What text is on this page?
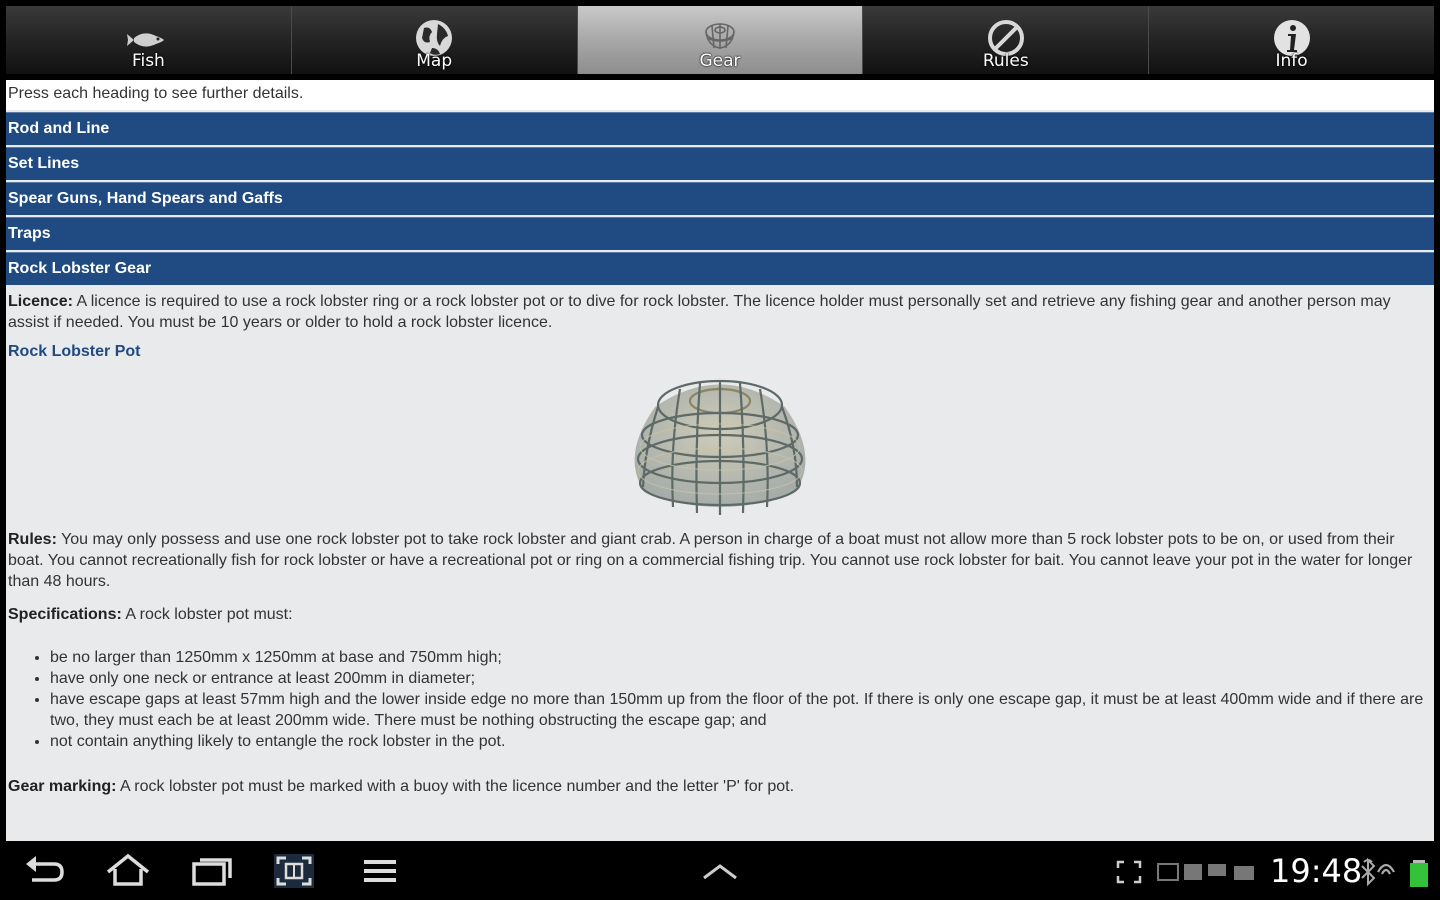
Fish	Map	Gear	Rules	Info
Press each heading to see further details.
Rod and Line
Set Lines
Spear Guns, Hand Spears and Gaffs
Traps
Rock Lobster Gear
Licence: A licence is required to use a rock lobster ring or a rock lobster pot or to dive for rock lobster. The licence holder must personally set and retrieve any fishing gear and another person may assist if needed. You must be 10 years or older to hold a rock lobster licence.
Rock Lobster Pot
Rules: You may only possess and use one rock lobster pot to take rock lobster and giant crab. A person in charge of a boat must not allow more than 5 rock lobster pots to be on, or used from their boat. You cannot recreationally fish for rock lobster or have a recreational pot or ring on a commercial fishing trip. You cannot use rock lobster for bait. You cannot leave your pot in the water for longer than 48 hours.
Specifications: A rock lobster pot must:
• be no larger than 1250mm x 1250mm at base and 750mm high;
• have only one neck or entrance at least 200mm in diameter;
• have escape gaps at least 57mm high and the lower inside edge no more than 150mm up from the floor of the pot. If there is only one escape gap, it must be at least 400mm wide and if there are two, they must each be at least 200mm wide. There must be nothing obstructing the escape gap; and
• not contain anything likely to entangle the rock lobster in the pot.
Gear marking: A rock lobster pot must be marked with a buoy with the licence number and the letter 'P' for pot.
19:48
